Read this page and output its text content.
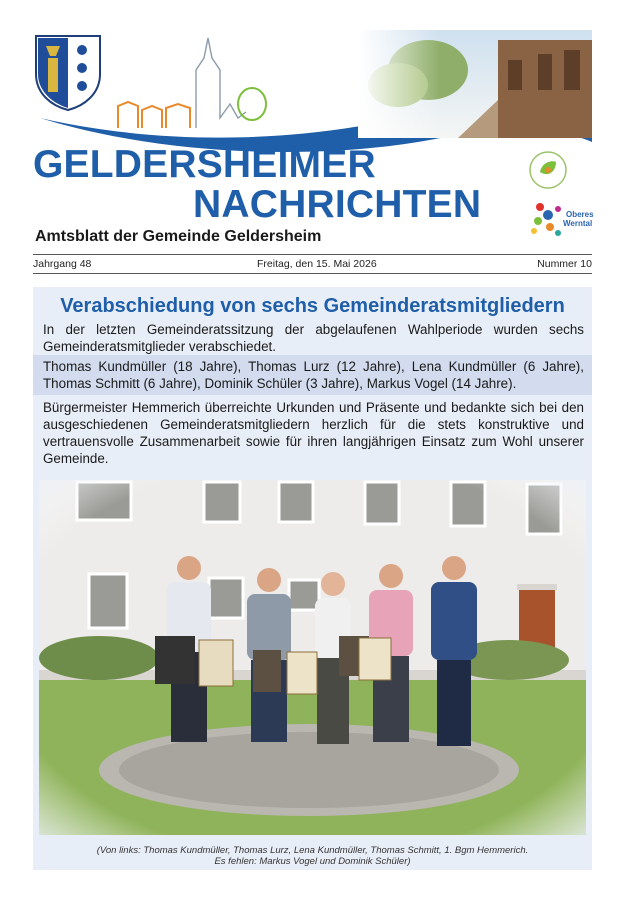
GELDERSHEIMER
NACHRICHTEN
Amtsblatt der Gemeinde Geldersheim
Oberes
Werntal
Jahrgang 48	Freitag, den 15. Mai 2026	Nummer 10
Verabschiedung von sechs Gemeinderatsmitgliedern
In der letzten Gemeinderatssitzung der abgelaufenen Wahlperiode wurden sechs Gemeinderatsmitglieder verabschiedet.
Thomas Kundmüller (18 Jahre), Thomas Lurz (12 Jahre), Lena Kundmüller (6 Jahre), Thomas Schmitt (6 Jahre), Dominik Schüler (3 Jahre), Markus Vogel (14 Jahre).
Bürgermeister Hemmerich überreichte Urkunden und Präsente und bedankte sich bei den ausgeschiedenen Gemeinderatsmitgliedern herzlich für die stets konstruktive und vertrauensvolle Zusammenarbeit sowie für ihren langjährigen Einsatz zum Wohl unserer Gemeinde.
(Von links: Thomas Kundmüller, Thomas Lurz, Lena Kundmüller, Thomas Schmitt, 1. Bgm Hemmerich.
Es fehlen: Markus Vogel und Dominik Schüler)
